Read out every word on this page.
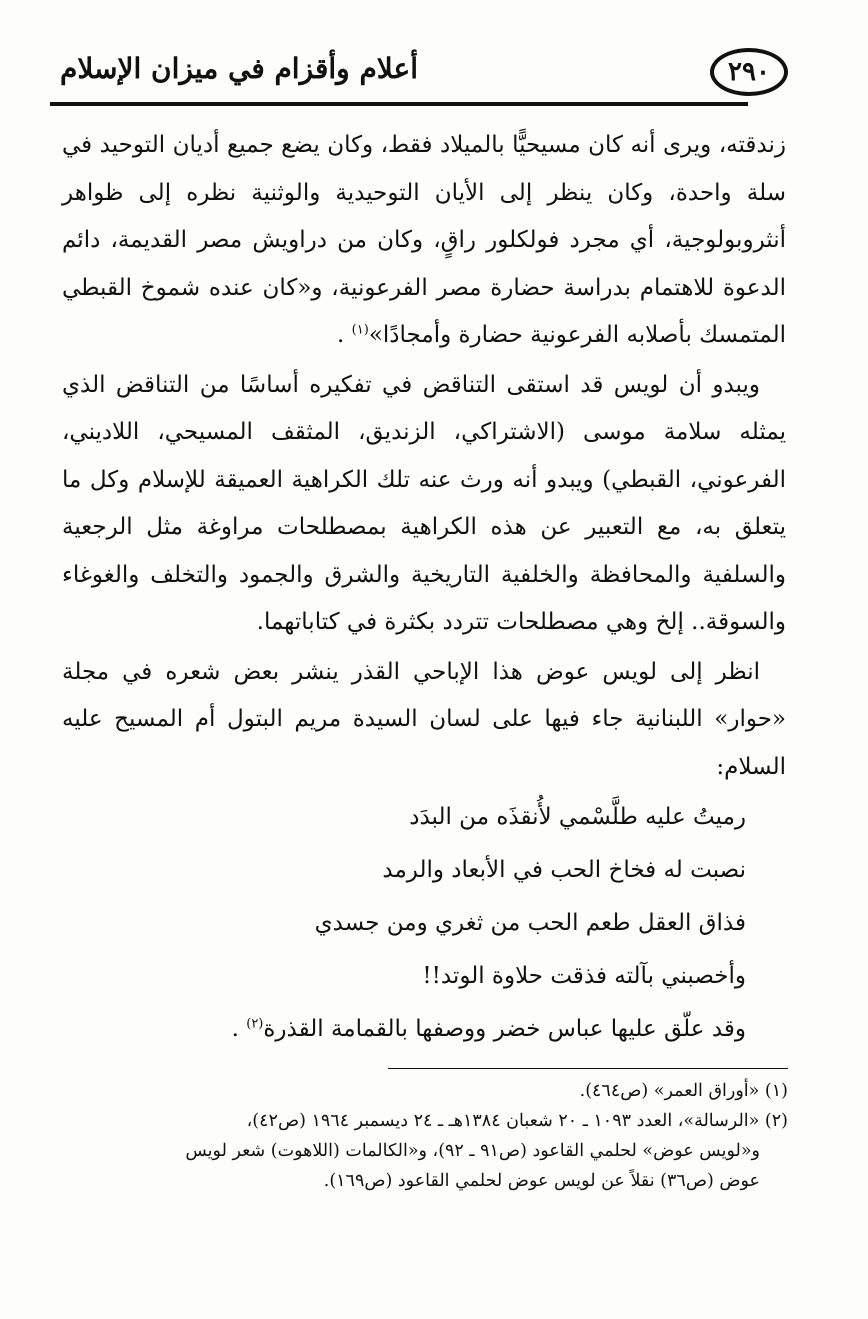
٢٩٠
أعلام وأقزام في ميزان الإسلام

زندقته، ويرى أنه كان مسيحيًّا بالميلاد فقط، وكان يضع جميع أديان التوحيد في سلة واحدة، وكان ينظر إلى الأيان التوحيدية والوثنية نظره إلى ظواهر أنثروبولوجية، أي مجرد فولكلور راقٍ، وكان من دراويش مصر القديمة، دائم الدعوة للاهتمام بدراسة حضارة مصر الفرعونية، و«كان عنده شموخ القبطي المتمسك بأصلابه الفرعونية حضارة وأمجادًا»$^{(١)}$ .

ويبدو أن لويس قد استقى التناقض في تفكيره أساسًا من التناقض الذي يمثله سلامة موسى (الاشتراكي، الزنديق، المثقف المسيحي، اللاديني، الفرعوني، القبطي) ويبدو أنه ورث عنه تلك الكراهية العميقة للإسلام وكل ما يتعلق به، مع التعبير عن هذه الكراهية بمصطلحات مراوغة مثل الرجعية والسلفية والمحافظة والخلفية التاريخية والشرق والجمود والتخلف والغوغاء والسوقة.. إلخ وهي مصطلحات تتردد بكثرة في كتاباتهما.

انظر إلى لويس عوض هذا الإباحي القذر ينشر بعض شعره في مجلة «حوار» اللبنانية جاء فيها على لسان السيدة مريم البتول أم المسيح عليه السلام:

رميتُ عليه طلَّسْمي لأُنقذَه من البدَد
نصبت له فخاخ الحب في الأبعاد والرمد
فذاق العقل طعم الحب من ثغري ومن جسدي
وأخصبني بآلته فذقت حلاوة الوتد!!
وقد علّق عليها عباس خضر ووصفها بالقمامة القذرة$^{(٢)}$ .

(١) «أوراق العمر» (ص٤٦٤).

(٢) «الرسالة»، العدد ١٠٩٣ ـ ٢٠ شعبان ١٣٨٤هـ ـ ٢٤ ديسمبر ١٩٦٤ (ص٤٢)،

و«لويس عوض» لحلمي القاعود (ص٩١ ـ ٩٢)، و«الكالمات (اللاهوت) شعر لويس

عوض (ص٣٦) نقلاً عن لويس عوض لحلمي القاعود (ص١٦٩).
